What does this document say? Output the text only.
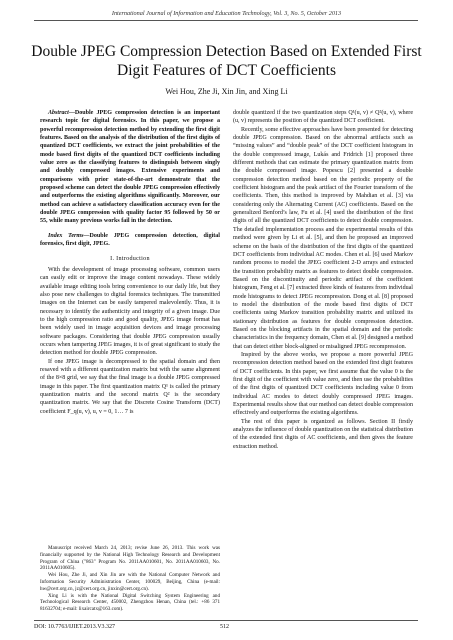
International Journal of Information and Education Technology, Vol. 3, No. 5, October 2013
Double JPEG Compression Detection Based on Extended First Digit Features of DCT Coefficients
Wei Hou, Zhe Ji, Xin Jin, and Xing Li

Abstract—Double JPEG compression detection is an important research topic for digital forensics. In this paper, we propose a powerful recompression detection method by extending the first digit features. Based on the analysis of the distribution of the first digits of quantized DCT coefficients, we extract the joint probabilities of the mode based first digits of the quantized DCT coefficients including value zero as the classifying features to distinguish between singly and doubly compressed images. Extensive experiments and comparisons with prior state-of-the-art demonstrate that the proposed scheme can detect the double JPEG compression effectively and outperforms the existing algorithms significantly. Moreover, our method can achieve a satisfactory classification accuracy even for the double JPEG compression with quality factor 95 followed by 50 or 55, while many previous works fail in the detection.

Index Terms—Double JPEG compression detection, digital forensics, first digit, JPEG.

I. Introduction

With the development of image processing software, common users can easily edit or improve the image content nowadays. These widely available image editing tools bring convenience to our daily life, but they also pose new challenges to digital forensics techniques. The transmitted images on the Internet can be easily tampered malevolently. Thus, it is necessary to identify the authenticity and integrity of a given image. Due to the high compression ratio and good quality, JPEG image format has been widely used in image acquisition devices and image processing software packages. Considering that double JPEG compression usually occurs when tampering JPEG images, it is of great significant to study the detection method for double JPEG compression.

If one JPEG image is decompressed to the spatial domain and then resaved with a different quantization matrix but with the same alignment of the 8×8 grid, we say that the final image is a double JPEG compressed image in this paper. The first quantization matrix Q¹ is called the primary quantization matrix and the second matrix Q² is the secondary quantization matrix. We say that the Discrete Cosine Transform (DCT) coefficient F_q(u, v), u, v = 0, 1… 7 is

Manuscript received March 24, 2013; revise June 26, 2013. This work was financially supported by the National High Technology Research and Development Program of China ("863" Program No. 2011AA010601, No. 2011AA010603, No. 2011AA010605).

Wei Hou, Zhe Ji, and Xin Jin are with the National Computer Network and Information Security Administration Center, 100029, Beijing, China (e-mail: hw@cert.org.cn, jz@cert.org.cn, jinxin@cert.org.cn).

Xing Li is with the National Digital Switching System Engineering and Technological Research Center, 450002, Zhengzhou Henan, China (tel.: +86 371 81632704; e-mail: lixaircatx@163.com).

double quantized if the two quantization steps Q¹(u, v) ≠ Q²(u, v), where (u, v) represents the position of the quantized DCT coefficient.

Recently, some effective approaches have been presented for detecting double JPEG compression. Based on the abnormal artifacts such as “missing values” and “double peak” of the DCT coefficient histogram in the double compressed image, Lukás and Fridrich [1] proposed three different methods that can estimate the primary quantization matrix from the double compressed image. Popescu [2] presented a double compression detection method based on the periodic property of the coefficient histogram and the peak artifact of the Fourier transform of the coefficients. Then, this method is improved by Mahdian et al. [3] via considering only the Alternating Current (AC) coefficients. Based on the generalized Benford’s law, Fu et al. [4] used the distribution of the first digits of all the quantized DCT coefficients to detect double compression. The detailed implementation process and the experimental results of this method were given by Li et al. [5], and then he proposed an improved scheme on the basis of the distribution of the first digits of the quantized DCT coefficients from individual AC modes. Chen et al. [6] used Markov random process to model the JPEG coefficient 2-D arrays and extracted the transition probability matrix as features to detect double compression. Based on the discontinuity and periodic artifact of the coefficient histogram, Feng et al. [7] extracted three kinds of features from individual mode histograms to detect JPEG recompression. Dong et al. [8] proposed to model the distribution of the mode based first digits of DCT coefficients using Markov transition probability matrix and utilized its stationary distribution as features for double compression detection. Based on the blocking artifacts in the spatial domain and the periodic characteristics in the frequency domain, Chen et al. [9] designed a method that can detect either block-aligned or misaligned JPEG recompression.

Inspired by the above works, we propose a more powerful JPEG recompression detection method based on the extended first digit features of DCT coefficients. In this paper, we first assume that the value 0 is the first digit of the coefficient with value zero, and then use the probabilities of the first digits of quantized DCT coefficients including value 0 from individual AC modes to detect doubly compressed JPEG images. Experimental results show that our method can detect double compression effectively and outperforms the existing algorithms.

The rest of this paper is organized as follows. Section II firstly analyzes the influence of double quantization on the statistical distribution of the extended first digits of AC coefficients, and then gives the feature extraction method.

DOI: 10.7763/IJIET.2013.V3.327	512
